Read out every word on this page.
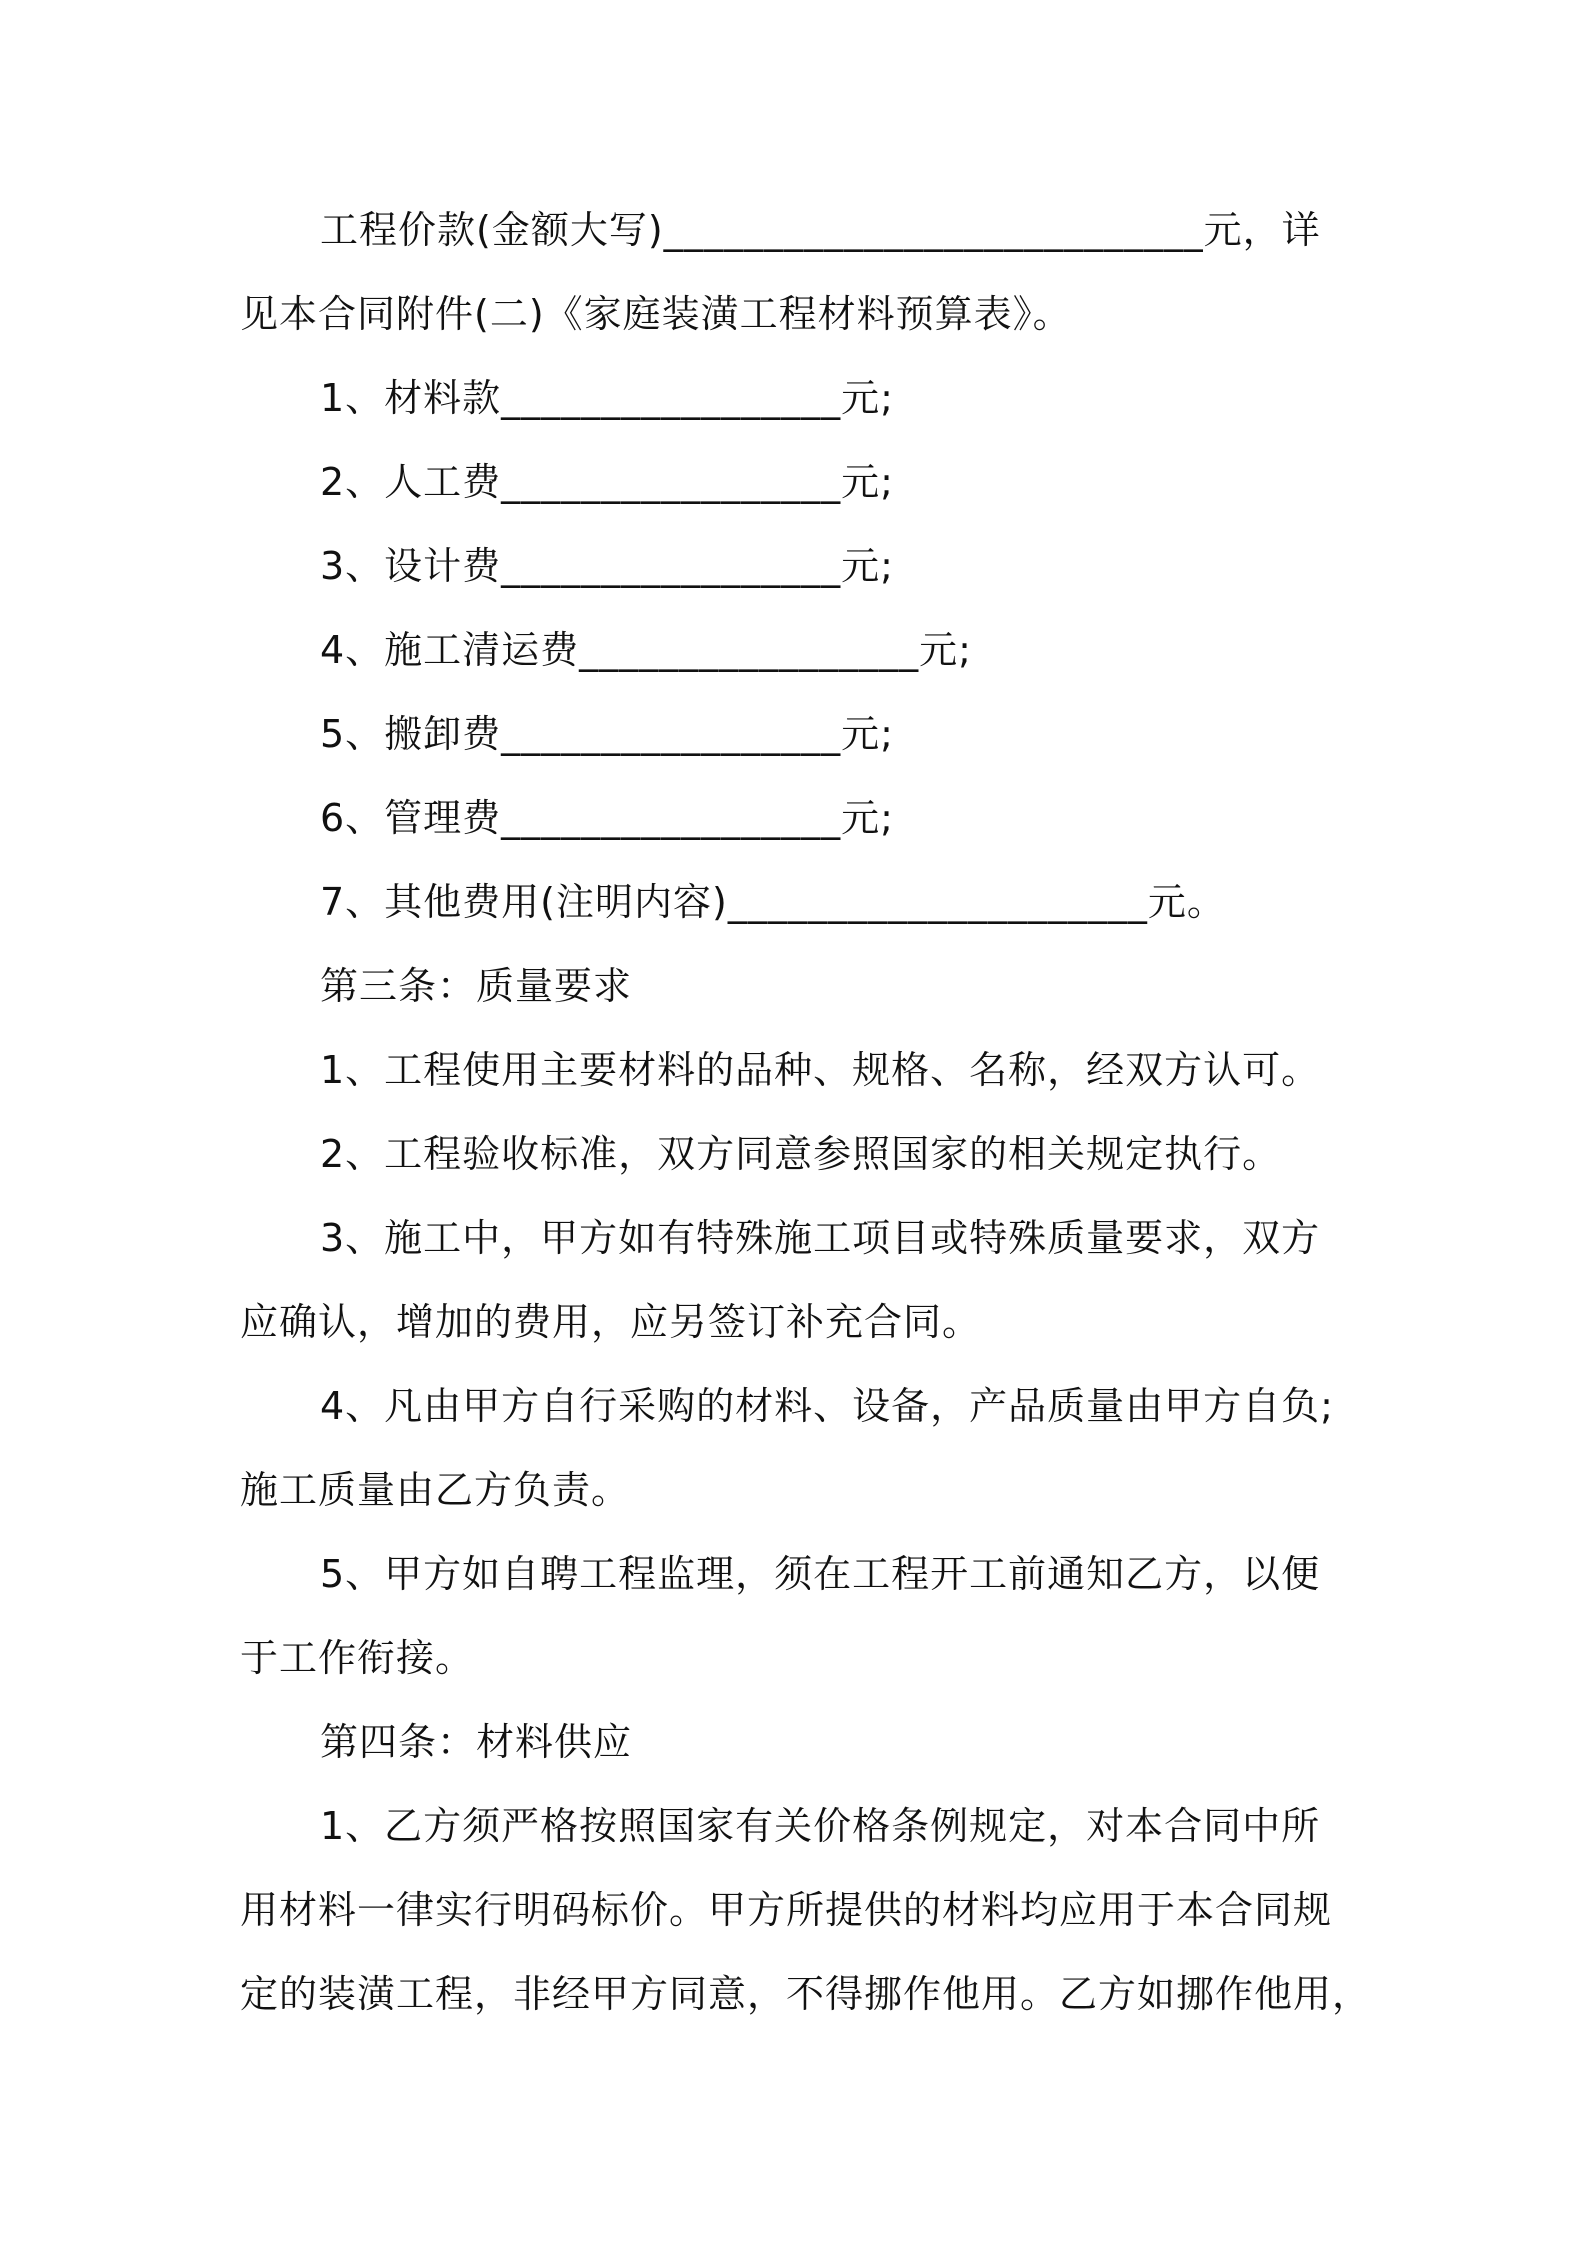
工程价款(金额大写)___________________________元，详
见本合同附件(二)《家庭装潢工程材料预算表》。
1、材料款_________________元;
2、人工费_________________元;
3、设计费_________________元;
4、施工清运费_________________元;
5、搬卸费_________________元;
6、管理费_________________元;
7、其他费用(注明内容)_____________________元。
第三条：质量要求
1、工程使用主要材料的品种、规格、名称，经双方认可。
2、工程验收标准，双方同意参照国家的相关规定执行。
3、施工中，甲方如有特殊施工项目或特殊质量要求，双方
应确认，增加的费用，应另签订补充合同。
4、凡由甲方自行采购的材料、设备，产品质量由甲方自负;
施工质量由乙方负责。
5、甲方如自聘工程监理，须在工程开工前通知乙方，以便
于工作衔接。
第四条：材料供应
1、乙方须严格按照国家有关价格条例规定，对本合同中所
用材料一律实行明码标价。甲方所提供的材料均应用于本合同规
定的装潢工程，非经甲方同意，不得挪作他用。乙方如挪作他用，
